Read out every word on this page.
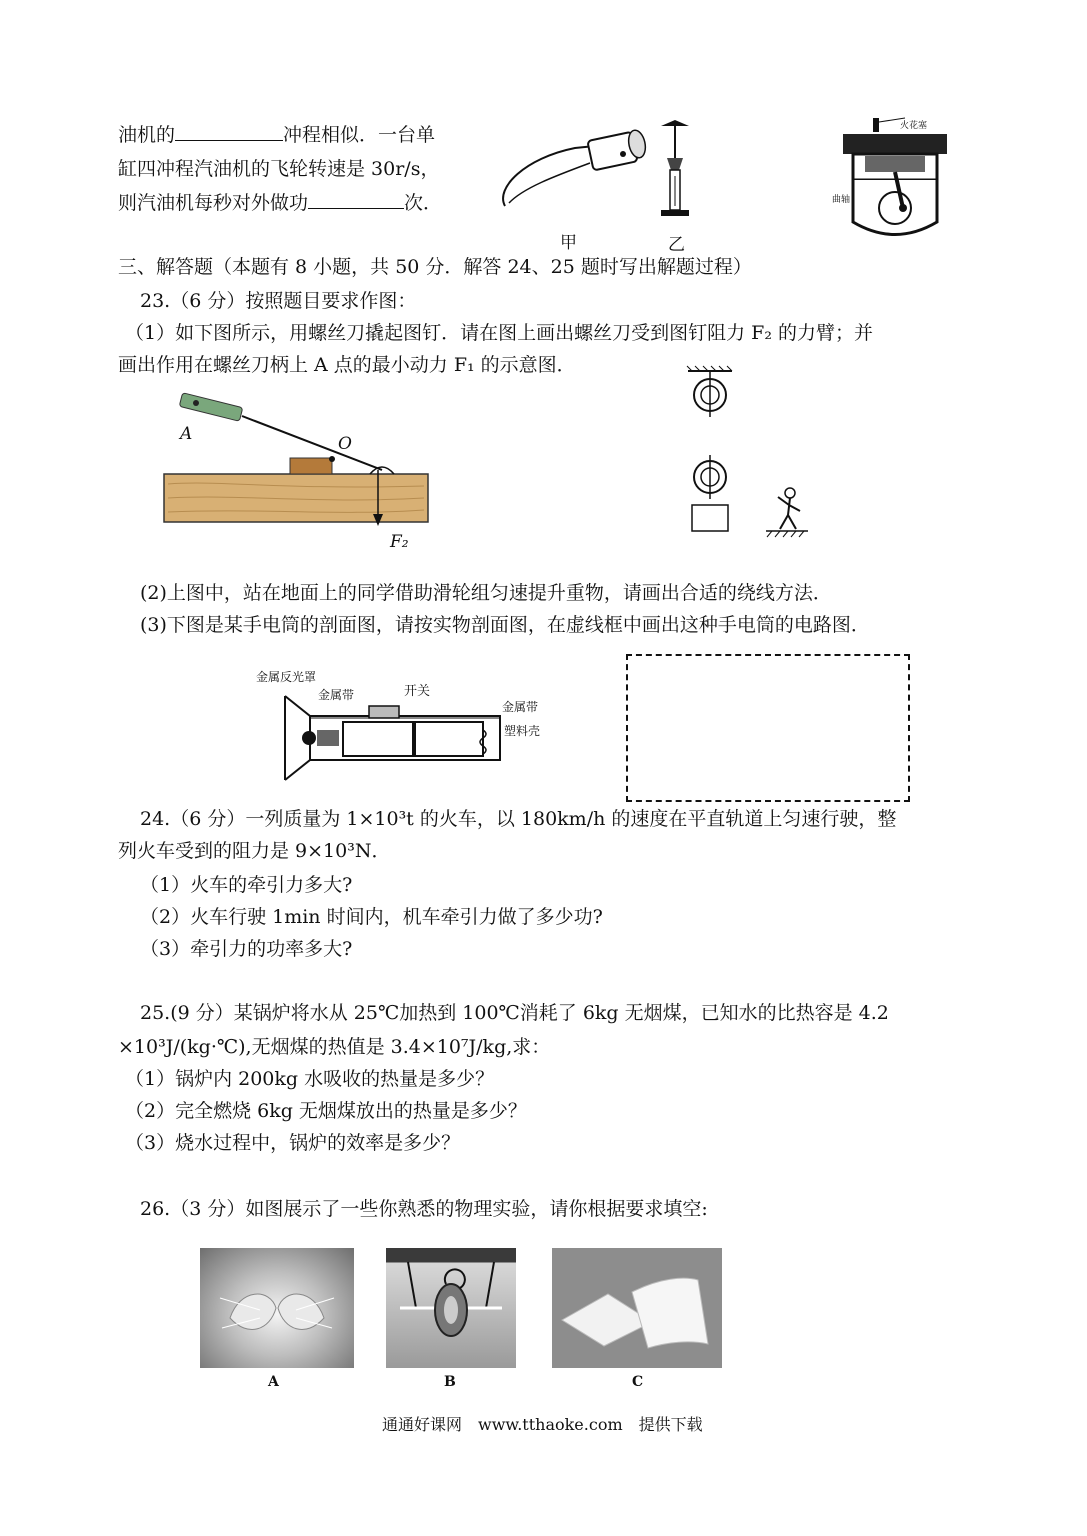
油机的	冲程相似．一台单
缸四冲程汽油机的飞轮转速是 30r/s，
则汽油机每秒对外做功	次．
甲	乙
火花塞
曲轴
三、解答题（本题有 8 小题，共 50 分．解答 24、25 题时写出解题过程）
23.（6 分）按照题目要求作图：
（1）如下图所示，用螺丝刀撬起图钉．请在图上画出螺丝刀受到图钉阻力 F₂ 的力臂；并
画出作用在螺丝刀柄上 A 点的最小动力 F₁ 的示意图．
A	O
F₂
(2)上图中，站在地面上的同学借助滑轮组匀速提升重物，请画出合适的绕线方法．
(3)下图是某手电筒的剖面图，请按实物剖面图，在虚线框中画出这种手电筒的电路图．
金属反光罩
金属带	开关
金属带
塑料壳
24.（6 分）一列质量为 1×10³t 的火车，以 180km/h 的速度在平直轨道上匀速行驶，整
列火车受到的阻力是 9×10³N．
（1）火车的牵引力多大?
（2）火车行驶 1min 时间内，机车牵引力做了多少功?
（3）牵引力的功率多大?
25.(9 分）某锅炉将水从 25℃加热到 100℃消耗了 6kg 无烟煤，已知水的比热容是 4.2
×10³J/(kg·℃),无烟煤的热值是 3.4×10⁷J/kg,求：
（1）锅炉内 200kg 水吸收的热量是多少？
（2）完全燃烧 6kg 无烟煤放出的热量是多少？
（3）烧水过程中，锅炉的效率是多少？
26.（3 分）如图展示了一些你熟悉的物理实验，请你根据要求填空:
A	B	C
通通好课网　www.tthaoke.com　提供下载
